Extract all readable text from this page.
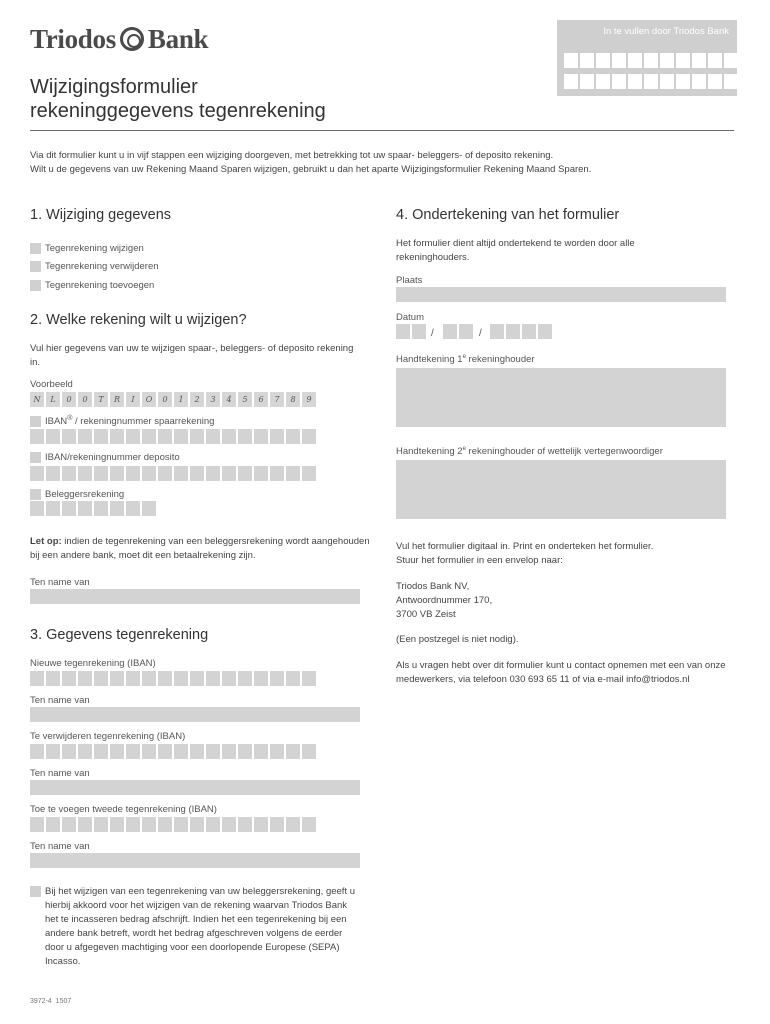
Triodos Bank	In te vullen door Triodos Bank
Wijzigingsformulier
rekeninggegevens tegenrekening
Via dit formulier kunt u in vijf stappen een wijziging doorgeven, met betrekking tot uw spaar- beleggers- of deposito rekening.
Wilt u de gegevens van uw Rekening Maand Sparen wijzigen, gebruikt u dan het aparte Wijzigingsformulier Rekening Maand Sparen.
1. Wijziging gegevens
Tegenrekening wijzigen
Tegenrekening verwijderen
Tegenrekening toevoegen
2. Welke rekening wilt u wijzigen?
Vul hier gegevens van uw te wijzigen spaar-, beleggers- of deposito rekening in.
Voorbeeld
N	L	0	0	T	R	I	O	0	1	2	3	4	5	6	7	8	9
IBAN® / rekeningnummer spaarrekening
IBAN/rekeningnummer deposito
Beleggersrekening
Let op: indien de tegenrekening van een beleggersrekening wordt aangehouden bij een andere bank, moet dit een betaalrekening zijn.
Ten name van
3. Gegevens tegenrekening
Nieuwe tegenrekening (IBAN)
Ten name van
Te verwijderen tegenrekening (IBAN)
Ten name van
Toe te voegen tweede tegenrekening (IBAN)
Ten name van
Bij het wijzigen van een tegenrekening van uw beleggersrekening, geeft u hierbij akkoord voor het wijzigen van de rekening waarvan Triodos Bank het te incasseren bedrag afschrijft. Indien het een tegenrekening bij een andere bank betreft, wordt het bedrag afgeschreven volgens de eerder door u afgegeven machtiging voor een doorlopende Europese (SEPA) Incasso.
4. Ondertekening van het formulier
Het formulier dient altijd ondertekend te worden door alle rekeninghouders.
Plaats
Datum
/	/
Handtekening 1e rekeninghouder
Handtekening 2e rekeninghouder of wettelijk vertegenwoordiger
Vul het formulier digitaal in. Print en onderteken het formulier.
Stuur het formulier in een envelop naar:
Triodos Bank NV,
Antwoordnummer 170,
3700 VB Zeist
(Een postzegel is niet nodig).
Als u vragen hebt over dit formulier kunt u contact opnemen met een van onze medewerkers, via telefoon 030 693 65 11 of via e-mail info@triodos.nl
3972-4  1507
